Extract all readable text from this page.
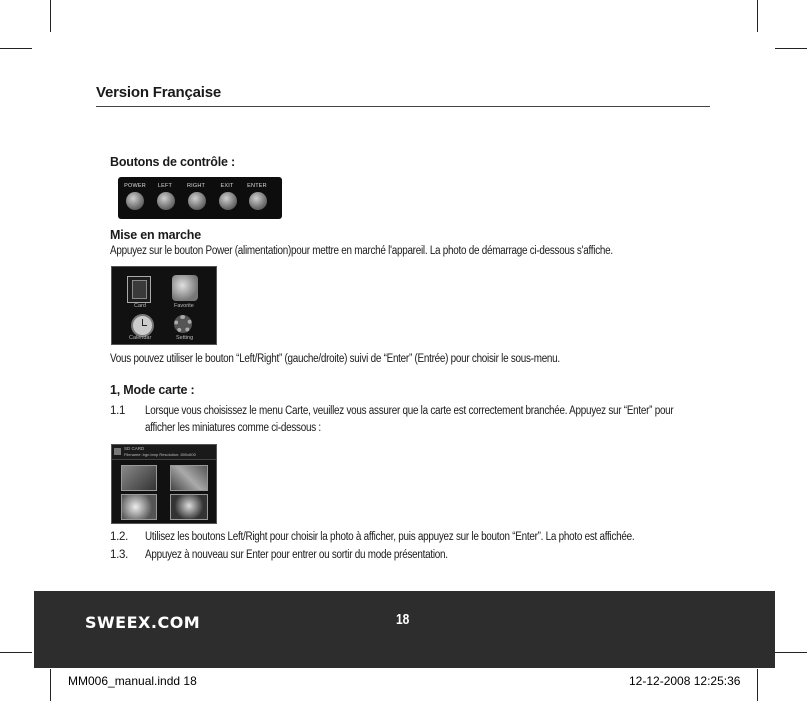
Version Française
Boutons de contrôle :
POWER	LEFT	RIGHT	EXIT	ENTER
Mise en marche
Appuyez sur le bouton Power (alimentation)pour mettre en marché l'appareil. La photo de démarrage ci-dessous s'affiche.
Card	Favorite
Calendar	Setting
Vous pouvez utiliser le bouton “Left/Right” (gauche/droite) suivi de “Enter” (Entrée) pour choisir le sous-menu.
1, Mode carte :
1.1 Lorsque vous choisissez le menu Carte, veuillez vous assurer que la carte est correctement branchée. Appuyez sur “Enter” pour
afficher les miniatures comme ci-dessous :
SD CARD
Filename: bgn.bmp Resolution: 800x600
1.2. Utilisez les boutons Left/Right pour choisir la photo à afficher, puis appuyez sur le bouton “Enter”. La photo est affichée.
1.3. Appuyez à nouveau sur Enter pour entrer ou sortir du mode présentation.
SWEEX.COM	18
MM006_manual.indd 18	12-12-2008 12:25:36
